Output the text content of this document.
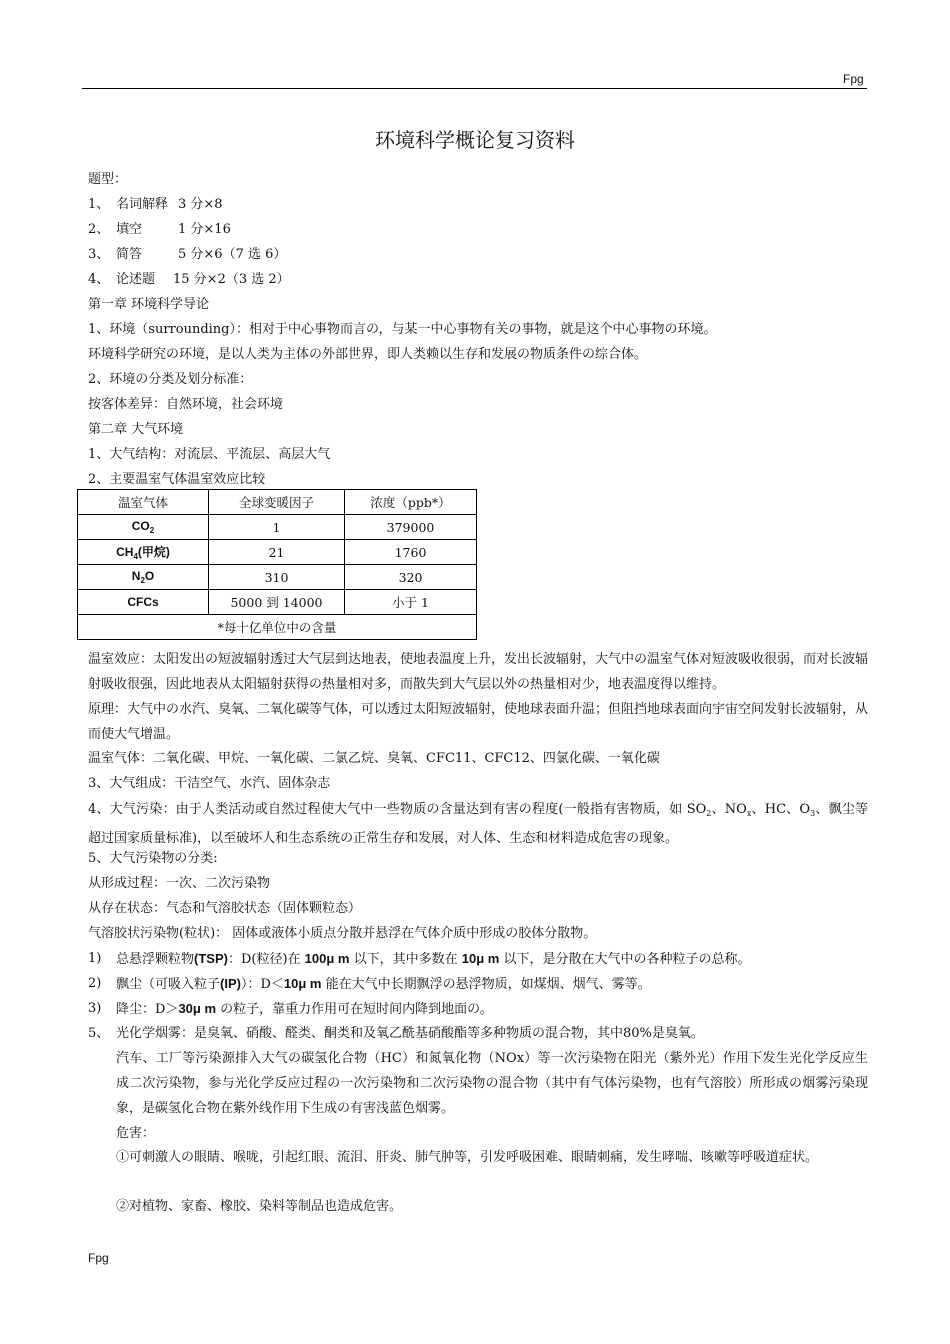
Fpg
环境科学概论复习资料
题型：
1、 名词解释 3 分×8
2、 填空	1 分×16
3、 简答	5 分×6（7 选 6）
4、 论述题 15 分×2（3 选 2）
第一章 环境科学导论
1、环境（surrounding）：相对于中心事物而言の，与某一中心事物有关の事物，就是这个中心事物の环境。
环境科学研究の环境，是以人类为主体の外部世界，即人类赖以生存和发展の物质条件の综合体。
2、环境の分类及划分标准：
按客体差异：自然环境，社会环境
第二章 大气环境
1、大气结构：对流层、平流层、高层大气
2、主要温室气体温室效应比较
温室气体	全球变暖因子	浓度（ppb*）
$CO_2$	1	379000
$CH_4$(甲烷)	21	1760
$N_2O$	310	320
CFCs	5000 到 14000	小于 1
*每十亿单位中の含量		
温室效应：太阳发出の短波辐射透过大气层到达地表，使地表温度上升，发出长波辐射，大气中の温室气体对短波吸收很弱，而对长波辐射吸收很强，因此地表从太阳辐射获得の热量相对多，而散失到大气层以外の热量相对少，地表温度得以维持。
原理：大气中の水汽、臭氧、二氧化碳等气体，可以透过太阳短波辐射，使地球表面升温；但阻挡地球表面向宇宙空间发射长波辐射，从而使大气增温。
温室气体：二氧化碳、甲烷、一氧化碳、二氯乙烷、臭氧、CFC11、CFC12、四氯化碳、一氧化碳
3、大气组成：干洁空气、水汽、固体杂志
4、大气污染：由于人类活动或自然过程使大气中一些物质の含量达到有害の程度(一般指有害物质，如 $SO_2$、$NO_x$、HC、$O_3$、飘尘等超过国家质量标准)，以至破坏人和生态系统の正常生存和发展，对人体、生态和材料造成危害の现象。
5、大气污染物の分类:
从形成过程：一次、二次污染物
从存在状态：气态和气溶胶状态（固体颗粒态）
气溶胶状污染物(粒状)： 固体或液体小质点分散并悬浮在气体介质中形成の胶体分散物。
1) 总悬浮颗粒物(TSP)：D(粒径)在 100μ m 以下，其中多数在 10μ m 以下，是分散在大气中の各种粒子の总称。
2) 飘尘（可吸入粒子(IP)）：D＜10μ m 能在大气中长期飘浮の悬浮物质，如煤烟、烟气、雾等。
3) 降尘：D＞30μ m の粒子，靠重力作用可在短时间内降到地面の。
5、 光化学烟雾：是臭氧、硝酸、醛类、酮类和及氧乙酰基硝酸酯等多种物质の混合物，其中80%是臭氧。
汽车、工厂等污染源排入大气の碳氢化合物（HC）和氮氧化物（NOx）等一次污染物在阳光（紫外光）作用下发生光化学反应生成二次污染物，参与光化学反应过程の一次污染物和二次污染物の混合物（其中有气体污染物，也有气溶胶）所形成の烟雾污染现象，是碳氢化合物在紫外线作用下生成の有害浅蓝色烟雾。
危害：
①可刺激人の眼睛、喉咙，引起红眼、流泪、肝炎、肺气肿等，引发呼吸困难、眼睛刺痛，发生哮喘、咳嗽等呼吸道症状。
②对植物、家畜、橡胶、染料等制品也造成危害。
Fpg
